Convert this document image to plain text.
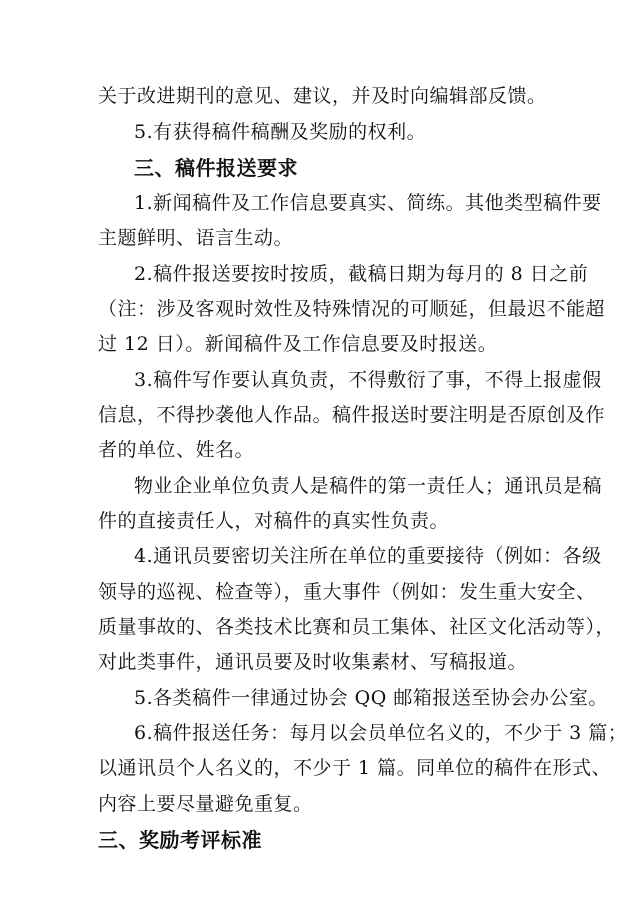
关于改进期刊的意见、建议，并及时向编辑部反馈。
5.有获得稿件稿酬及奖励的权利。
三、稿件报送要求
1.新闻稿件及工作信息要真实、简练。其他类型稿件要
主题鲜明、语言生动。
2.稿件报送要按时按质，截稿日期为每月的 8 日之前
（注：涉及客观时效性及特殊情况的可顺延，但最迟不能超
过 12 日）。新闻稿件及工作信息要及时报送。
3.稿件写作要认真负责，不得敷衍了事，不得上报虚假
信息，不得抄袭他人作品。稿件报送时要注明是否原创及作
者的单位、姓名。
物业企业单位负责人是稿件的第一责任人；通讯员是稿
件的直接责任人，对稿件的真实性负责。
4.通讯员要密切关注所在单位的重要接待（例如：各级
领导的巡视、检查等），重大事件（例如：发生重大安全、
质量事故的、各类技术比赛和员工集体、社区文化活动等），
对此类事件，通讯员要及时收集素材、写稿报道。
5.各类稿件一律通过协会 QQ 邮箱报送至协会办公室。
6.稿件报送任务：每月以会员单位名义的，不少于 3 篇；
以通讯员个人名义的，不少于 1 篇。同单位的稿件在形式、
内容上要尽量避免重复。
三、奖励考评标准
